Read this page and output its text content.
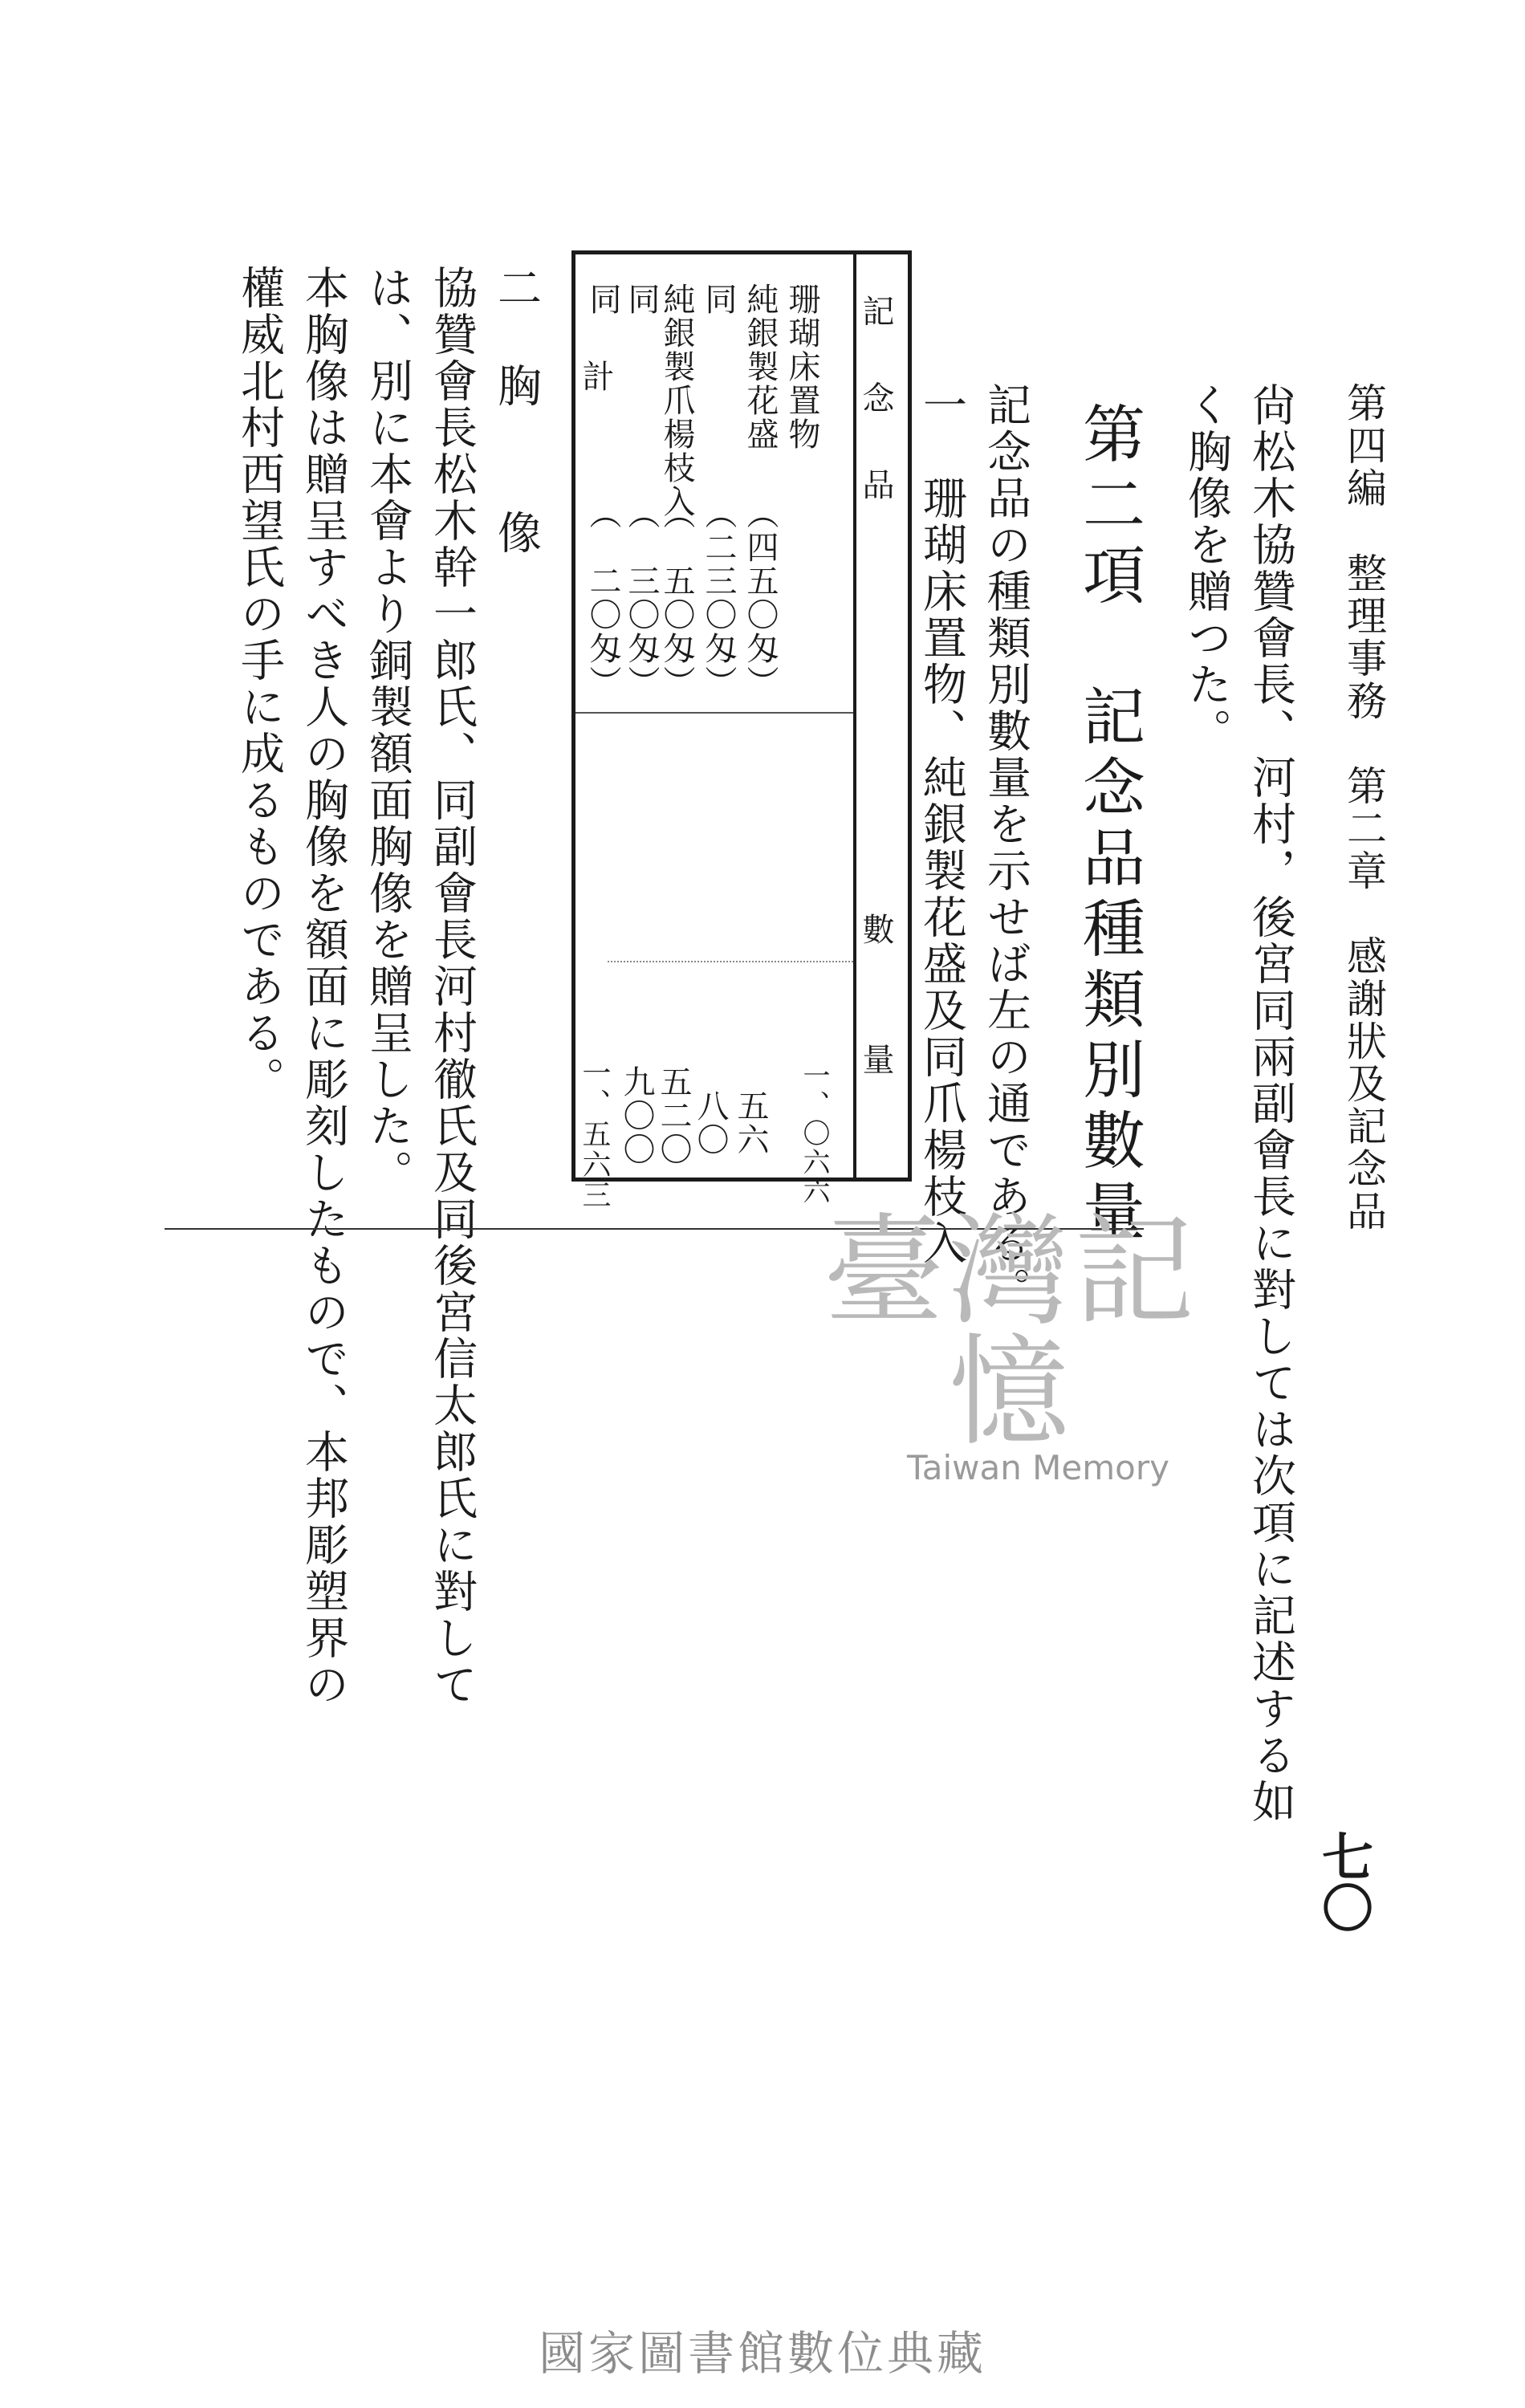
第四編　整理事務　第二章　感謝狀及記念品
尙松木協贊會長、河村，後宮同兩副會長に對しては次項に記述する如
く胸像を贈つた。
第二項　記念品種類別數量
記念品の種類別數量を示せば左の通である。
一　珊瑚床置物、純銀製花盛及同爪楊枝入
記　念　品
數　　量
珊瑚床置物
一、〇六六
純銀製花盛
（四五〇匁）
五六
同
（二三〇匁）
八〇
純銀製爪楊枝入
（　五〇匁）
五二〇
同
（　三〇匁）
九〇〇
同
（　二〇匁）
計
一、五六三
二　胸　　像
協贊會長松木幹一郎氏、同副會長河村徹氏及同後宮信太郎氏に對して
は、別に本會より銅製額面胸像を贈呈した。
本胸像は贈呈すべき人の胸像を額面に彫刻したもので、本邦彫塑界の
權威北村西望氏の手に成るものである。
七〇
臺灣記憶
Taiwan Memory
國家圖書館數位典藏
